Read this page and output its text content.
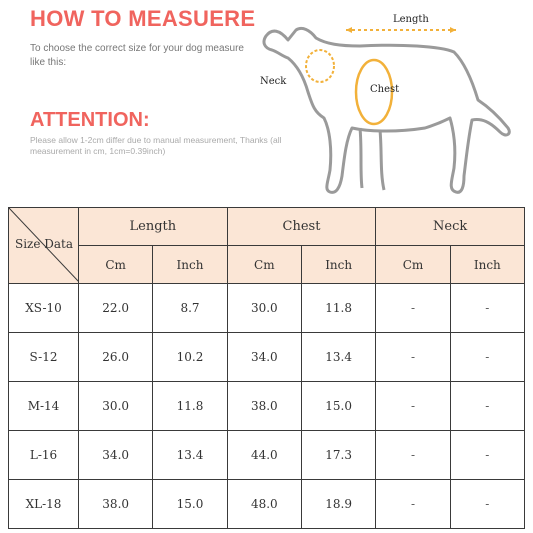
HOW TO MEASUERE
To choose the correct size for your dog measure like this:
ATTENTION:
Please allow 1-2cm differ due to manual measurement, Thanks (all measurement in cm, 1cm=0.39inch)
Length
Neck
Chest
Size Data	Length		Chest		Neck	
	Cm	Inch	Cm	Inch	Cm	Inch
XS-10	22.0	8.7	30.0	11.8	-	-
S-12	26.0	10.2	34.0	13.4	-	-
M-14	30.0	11.8	38.0	15.0	-	-
L-16	34.0	13.4	44.0	17.3	-	-
XL-18	38.0	15.0	48.0	18.9	-	-
